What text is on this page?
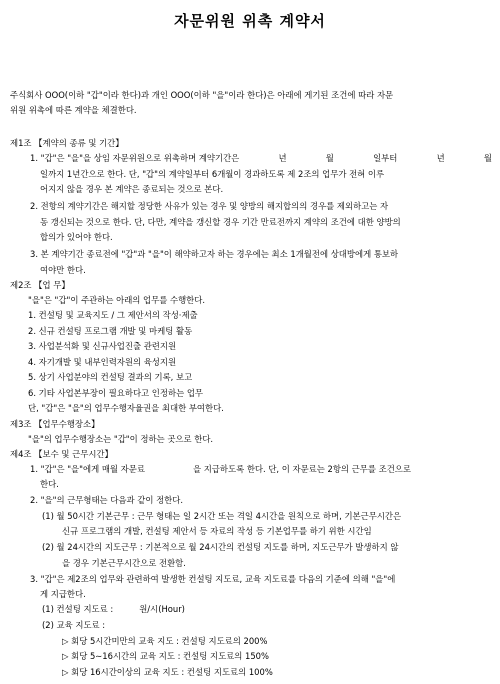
자문위원 위촉 계약서
주식회사 OOO(이하 "갑"이라 한다)과 개인 OOO(이하 "을"이라 한다)은 아래에 게기된 조건에 따라 자문
위원 위촉에 따른 계약을 체결한다.
제1조 【계약의 종류 및 기간】
1. "갑"은 "을"을 상임 자문위원으로 위촉하며 계약기간은	년	월	일부터	년	월
일까지 1년간으로 한다. 단, "갑"의 계약일부터 6개월이 경과하도록 제 2조의 업무가 전혀 이루
어지지 않을 경우 본 계약은 종료되는 것으로 본다.
2. 전항의 계약기간은 해지할 정당한 사유가 있는 경우 및 양방의 해지합의의 경우를 제외하고는 자
동 갱신되는 것으로 한다. 단, 다만, 계약을 갱신할 경우 기간 만료전까지 계약의 조건에 대한 양방의
합의가 있어야 한다.
3. 본 계약기간 종료전에 "갑"과 "을"이 해약하고자 하는 경우에는 최소 1개월전에 상대방에게 통보하
여야만 한다.
제2조 【업 무】
"을"은 "갑"이 주관하는 아래의 업무를 수행한다.
1. 컨설팅 및 교육지도 / 그 제안서의 작성·제출
2. 신규 컨설팅 프로그램 개발 및 마케팅 활동
3. 사업분석화 및 신규사업진출 관련지원
4. 자기개발 및 내부인력자원의 육성지원
5. 상기 사업분야의 컨설팅 결과의 기록, 보고
6. 기타 사업본부장이 필요하다고 인정하는 업무
단, "갑"은 "을"의 업무수행자율권을 최대한 부여한다.
제3조 【업무수행장소】
"을"의 업무수행장소는 "갑"이 정하는 곳으로 한다.
제4조 【보수 및 근무시간】
1. "갑"은 "을"에게 매월 자문료	을 지급하도록 한다. 단, 이 자문료는 2항의 근무를 조건으로
한다.
2. "을"의 근무형태는 다음과 같이 정한다.
(1) 월 50시간 기본근무 : 근무 형태는 일 2시간 또는 격일 4시간을 원칙으로 하며, 기본근무시간은
신규 프로그램의 개발, 컨설팅 제안서 등 자료의 작성 등 기본업무를 하기 위한 시간임
(2) 월 24시간의 지도근무 : 기본적으로 월 24시간의 컨설팅 지도를 하며, 지도근무가 발생하지 않
을 경우 기본근무시간으로 전환함.
3. "갑"은 제2조의 업무와 관련하여 발생한 컨설팅 지도료, 교육 지도료를 다음의 기준에 의해 "을"에
게 지급한다.
(1) 컨설팅 지도료 :	원/시(Hour)
(2) 교육 지도료 :
▷ 회당 5시간미만의 교육 지도 : 컨설팅 지도료의 200%
▷ 회당 5∼16시간의 교육 지도 : 컨설팅 지도료의 150%
▷ 회당 16시간이상의 교육 지도 : 컨설팅 지도료의 100%
